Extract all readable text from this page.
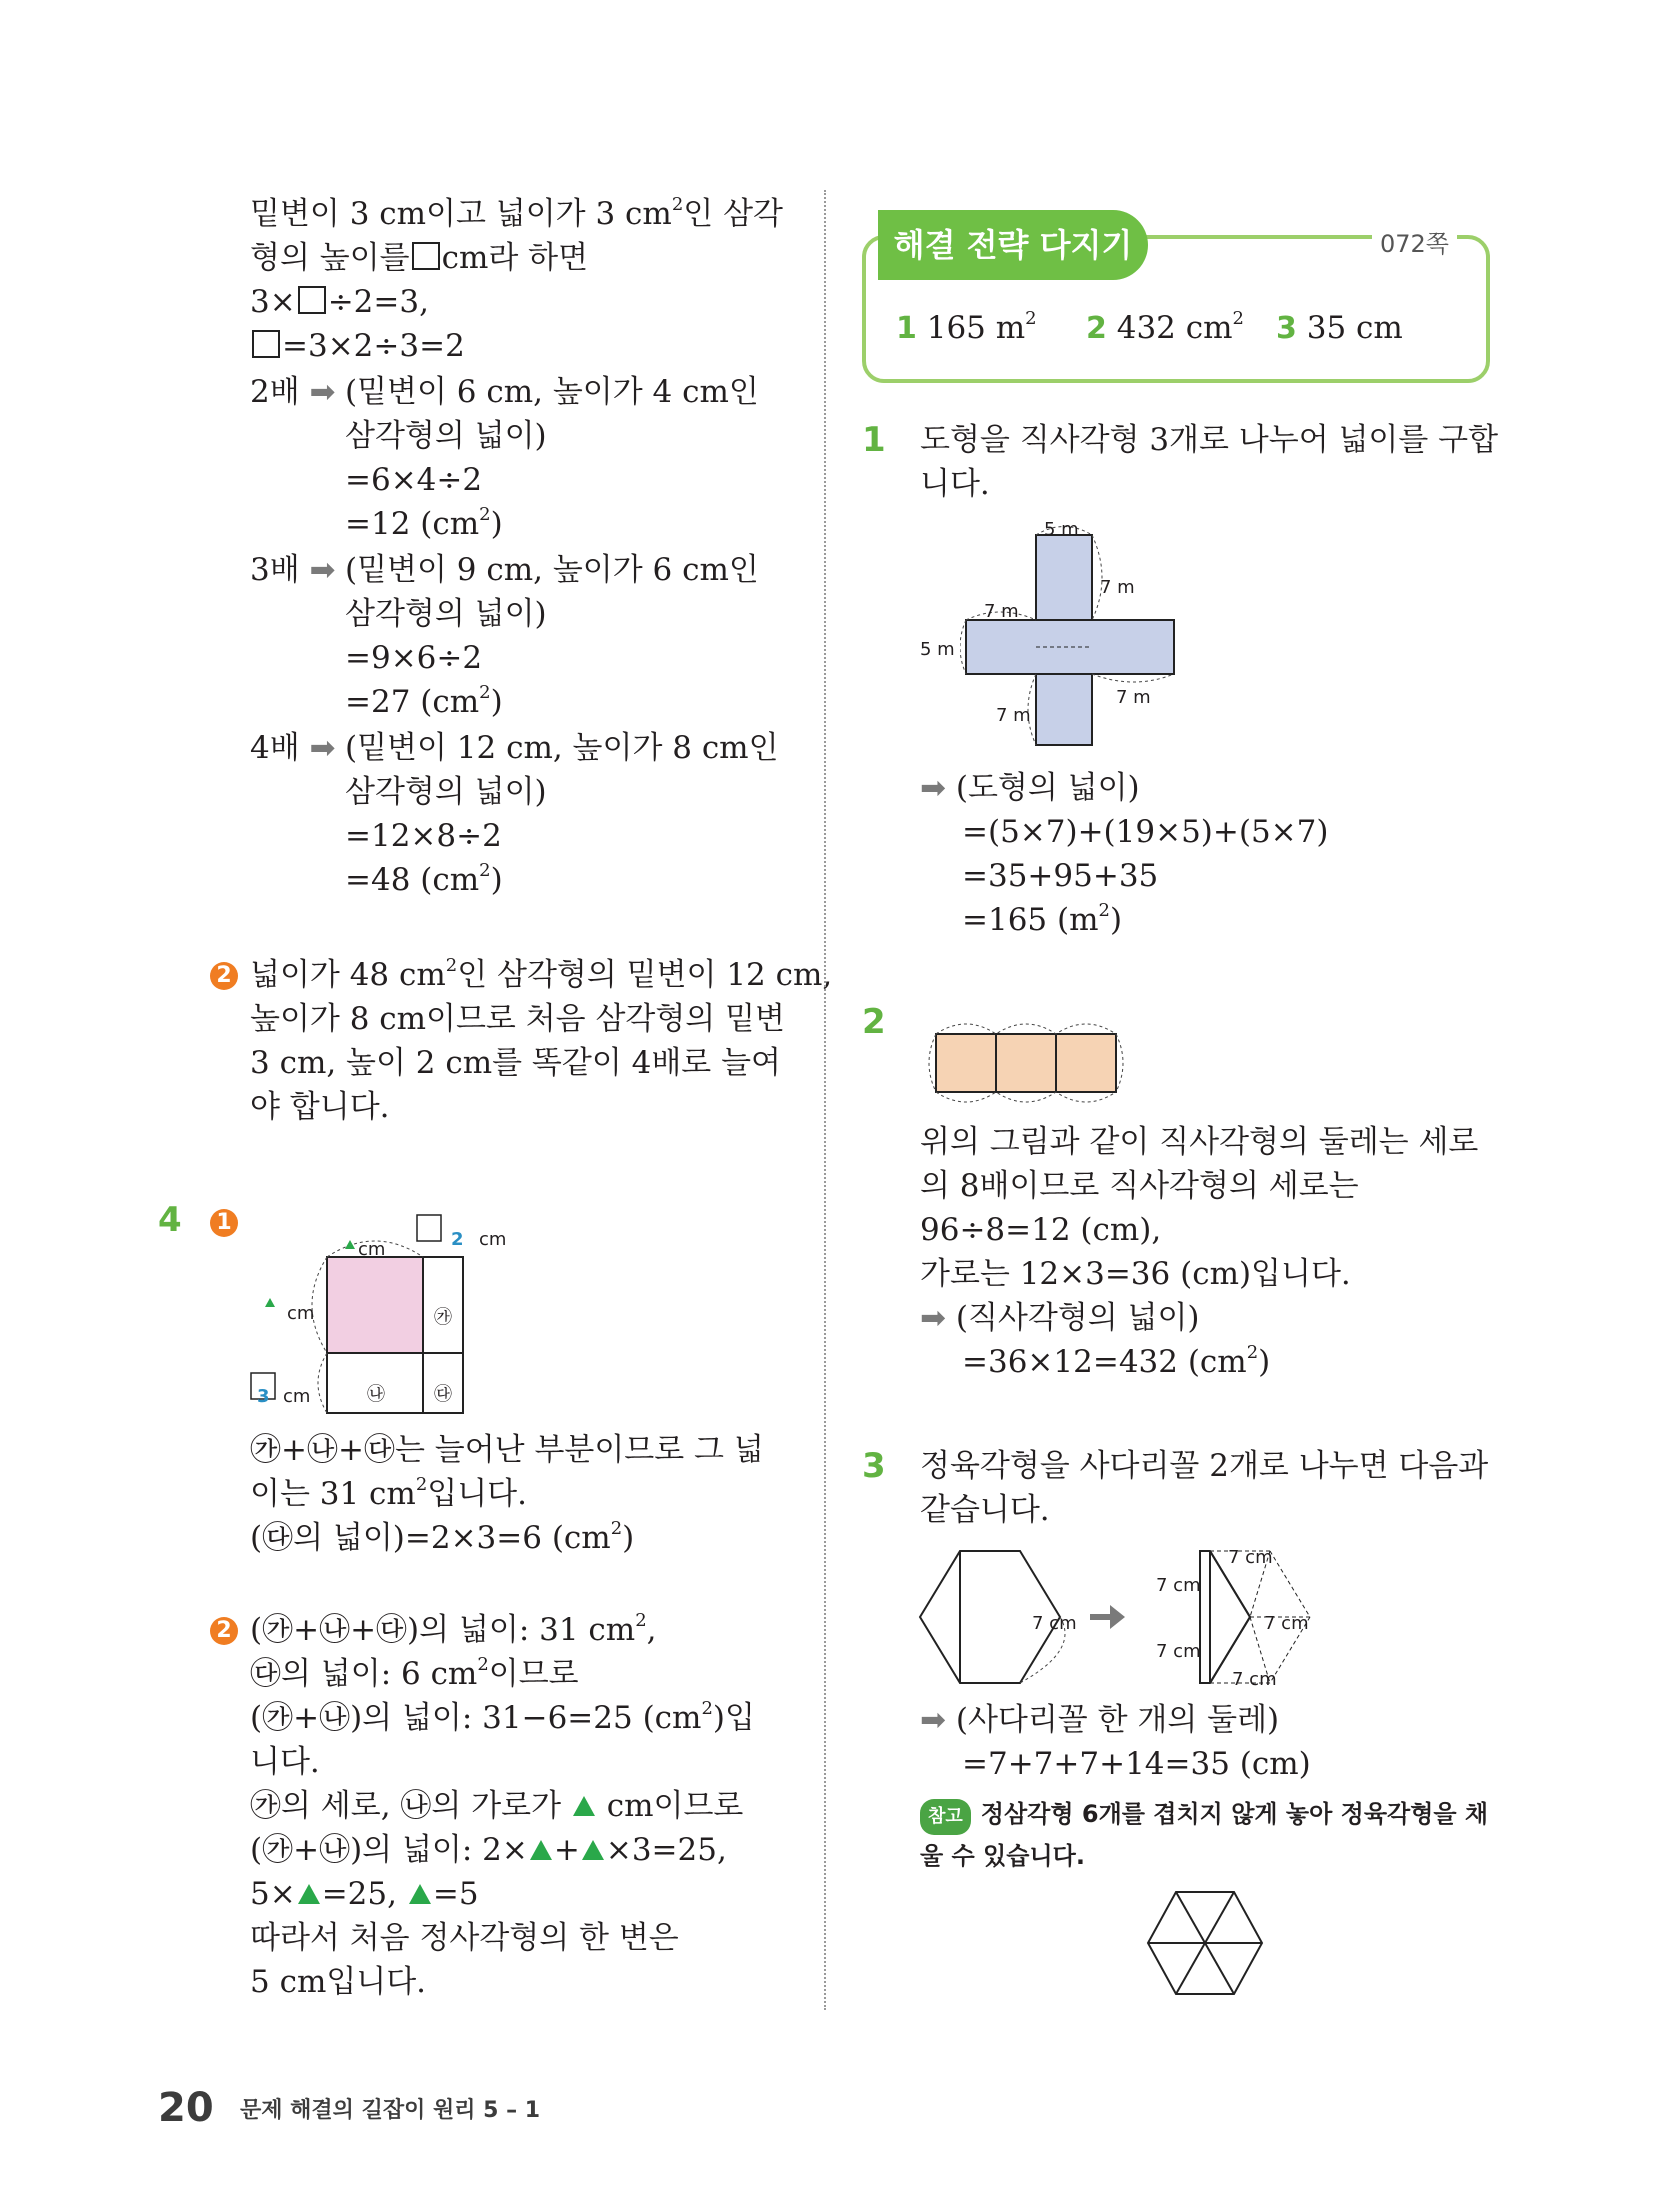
밑변이 3 cm이고 넓이가 3 $cm^2$인 삼각
형의 높이를 cm라 하면
3× ÷2=3,
=3×2÷3=2
2배 ➡ (밑변이 6 cm, 높이가 4 cm인
삼각형의 넓이)
=6×4÷2
=12 $(cm^2)$
3배 ➡ (밑변이 9 cm, 높이가 6 cm인
삼각형의 넓이)
=9×6÷2
=27 $(cm^2)$
4배 ➡ (밑변이 12 cm, 높이가 8 cm인
삼각형의 넓이)
=12×8÷2
=48 $(cm^2)$
2 넓이가 48 $cm^2$인 삼각형의 밑변이 12 cm,
높이가 8 cm이므로 처음 삼각형의 밑변
3 cm, 높이 2 cm를 똑같이 4배로 늘여
야 합니다.
4 1
cm	2 cm
cm
3 cm
㉮
㉯	㉰
㉮+㉯+㉰는 늘어난 부분이므로 그 넓
이는 31 $cm^2$입니다.
(㉰의 넓이)=2×3=6 $(cm^2)$
2 (㉮+㉯+㉰)의 넓이: 31 $cm^2$,
㉰의 넓이: 6 $cm^2$이므로
(㉮+㉯)의 넓이: 31−6=25 $(cm^2)$입
니다.
㉮의 세로, ㉯의 가로가 cm이므로
(㉮+㉯)의 넓이: 2× + ×3=25,
5× =25, =5
따라서 처음 정사각형의 한 변은
5 cm입니다.
해결 전략 다지기	072쪽
1 165 $m^2$ 2 432 $cm^2$ 3 35 cm
1 도형을 직사각형 3개로 나누어 넓이를 구합
니다.
5 m
7 m
7 m
5 m
7 m
7 m
➡ (도형의 넓이)
=(5×7)+(19×5)+(5×7)
=35+95+35
=165 $(m^2)$
2
위의 그림과 같이 직사각형의 둘레는 세로
의 8배이므로 직사각형의 세로는
96÷8=12 (cm),
가로는 12×3=36 (cm)입니다.
➡ (직사각형의 넓이)
=36×12=432 $(cm^2)$
3 정육각형을 사다리꼴 2개로 나누면 다음과
같습니다.
7 cm
7 cm
7 cm
7 cm
7 cm
7 cm
➡ (사다리꼴 한 개의 둘레)
=7+7+7+14=35 (cm)
참고 정삼각형 6개를 겹치지 않게 놓아 정육각형을 채
울 수 있습니다.
20 문제 해결의 길잡이 원리 5 – 1
